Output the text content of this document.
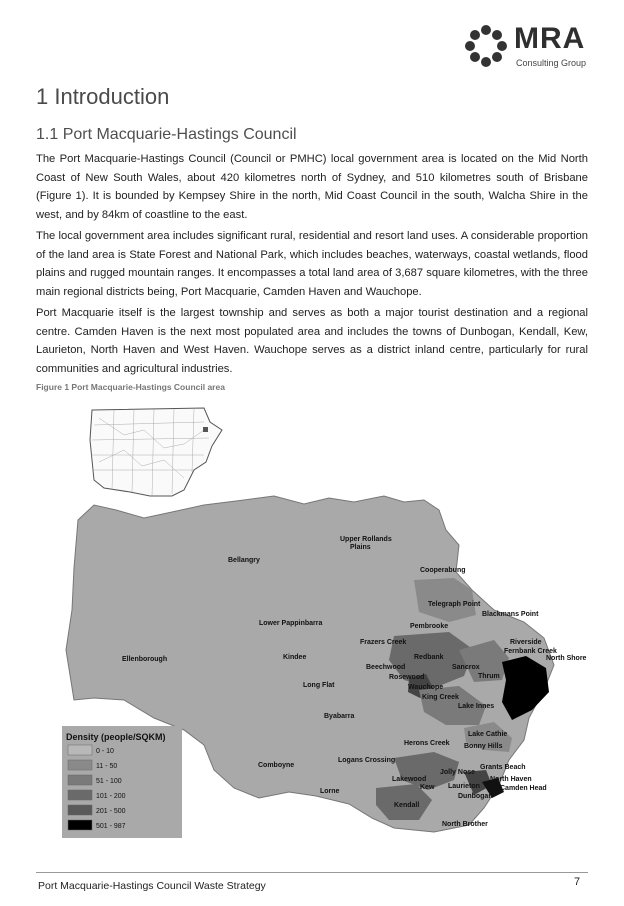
MRA
Consulting Group
1 Introduction
1.1 Port Macquarie-Hastings Council

The Port Macquarie-Hastings Council (Council or PMHC) local government area is located on the Mid North Coast of New South Wales, about 420 kilometres north of Sydney, and 510 kilometres south of Brisbane (Figure 1). It is bounded by Kempsey Shire in the north, Mid Coast Council in the south, Walcha Shire in the west, and by 84km of coastline to the east.

The local government area includes significant rural, residential and resort land uses. A considerable proportion of the land area is State Forest and National Park, which includes beaches, waterways, coastal wetlands, flood plains and rugged mountain ranges. It encompasses a total land area of 3,687 square kilometres, with the three main regional districts being, Port Macquarie, Camden Haven and Wauchope.

Port Macquarie itself is the largest township and serves as both a major tourist destination and a regional centre. Camden Haven is the next most populated area and includes the towns of Dunbogan, Kendall, Kew, Laurieton, North Haven and West Haven. Wauchope serves as a district inland centre, particularly for rural communities and agricultural industries.

Figure 1 Port Macquarie-Hastings Council area
Upper Rollands
Plains
Bellangry
Cooperabung
Telegraph Point
Blackmans Point
Lower Pappinbarra	Pembrooke
Frazers Creek	Riverside
Fernbank Creek
North Shore
Ellenborough	Kindee	Redbank
Sancrox
Beechwood
Rosewood	Thrum
uarie
Wauchope
Long Flat
King Creek
Lake Innes
Byabarra
Lake Cathie
Herons Creek Bonny Hills
Comboyne
Logans Crossing
Grants Beach
Jolly Nose
Lakewood
Laurieton
North Haven
Kew	Camden Head
Lorne
Dunbogan
Kendall
North Brother
Density (people/SQKM)
0 - 10
11 - 50
51 - 100
101 - 200
201 - 500
501 - 987
Port Macquarie-Hastings Council Waste Strategy	7
